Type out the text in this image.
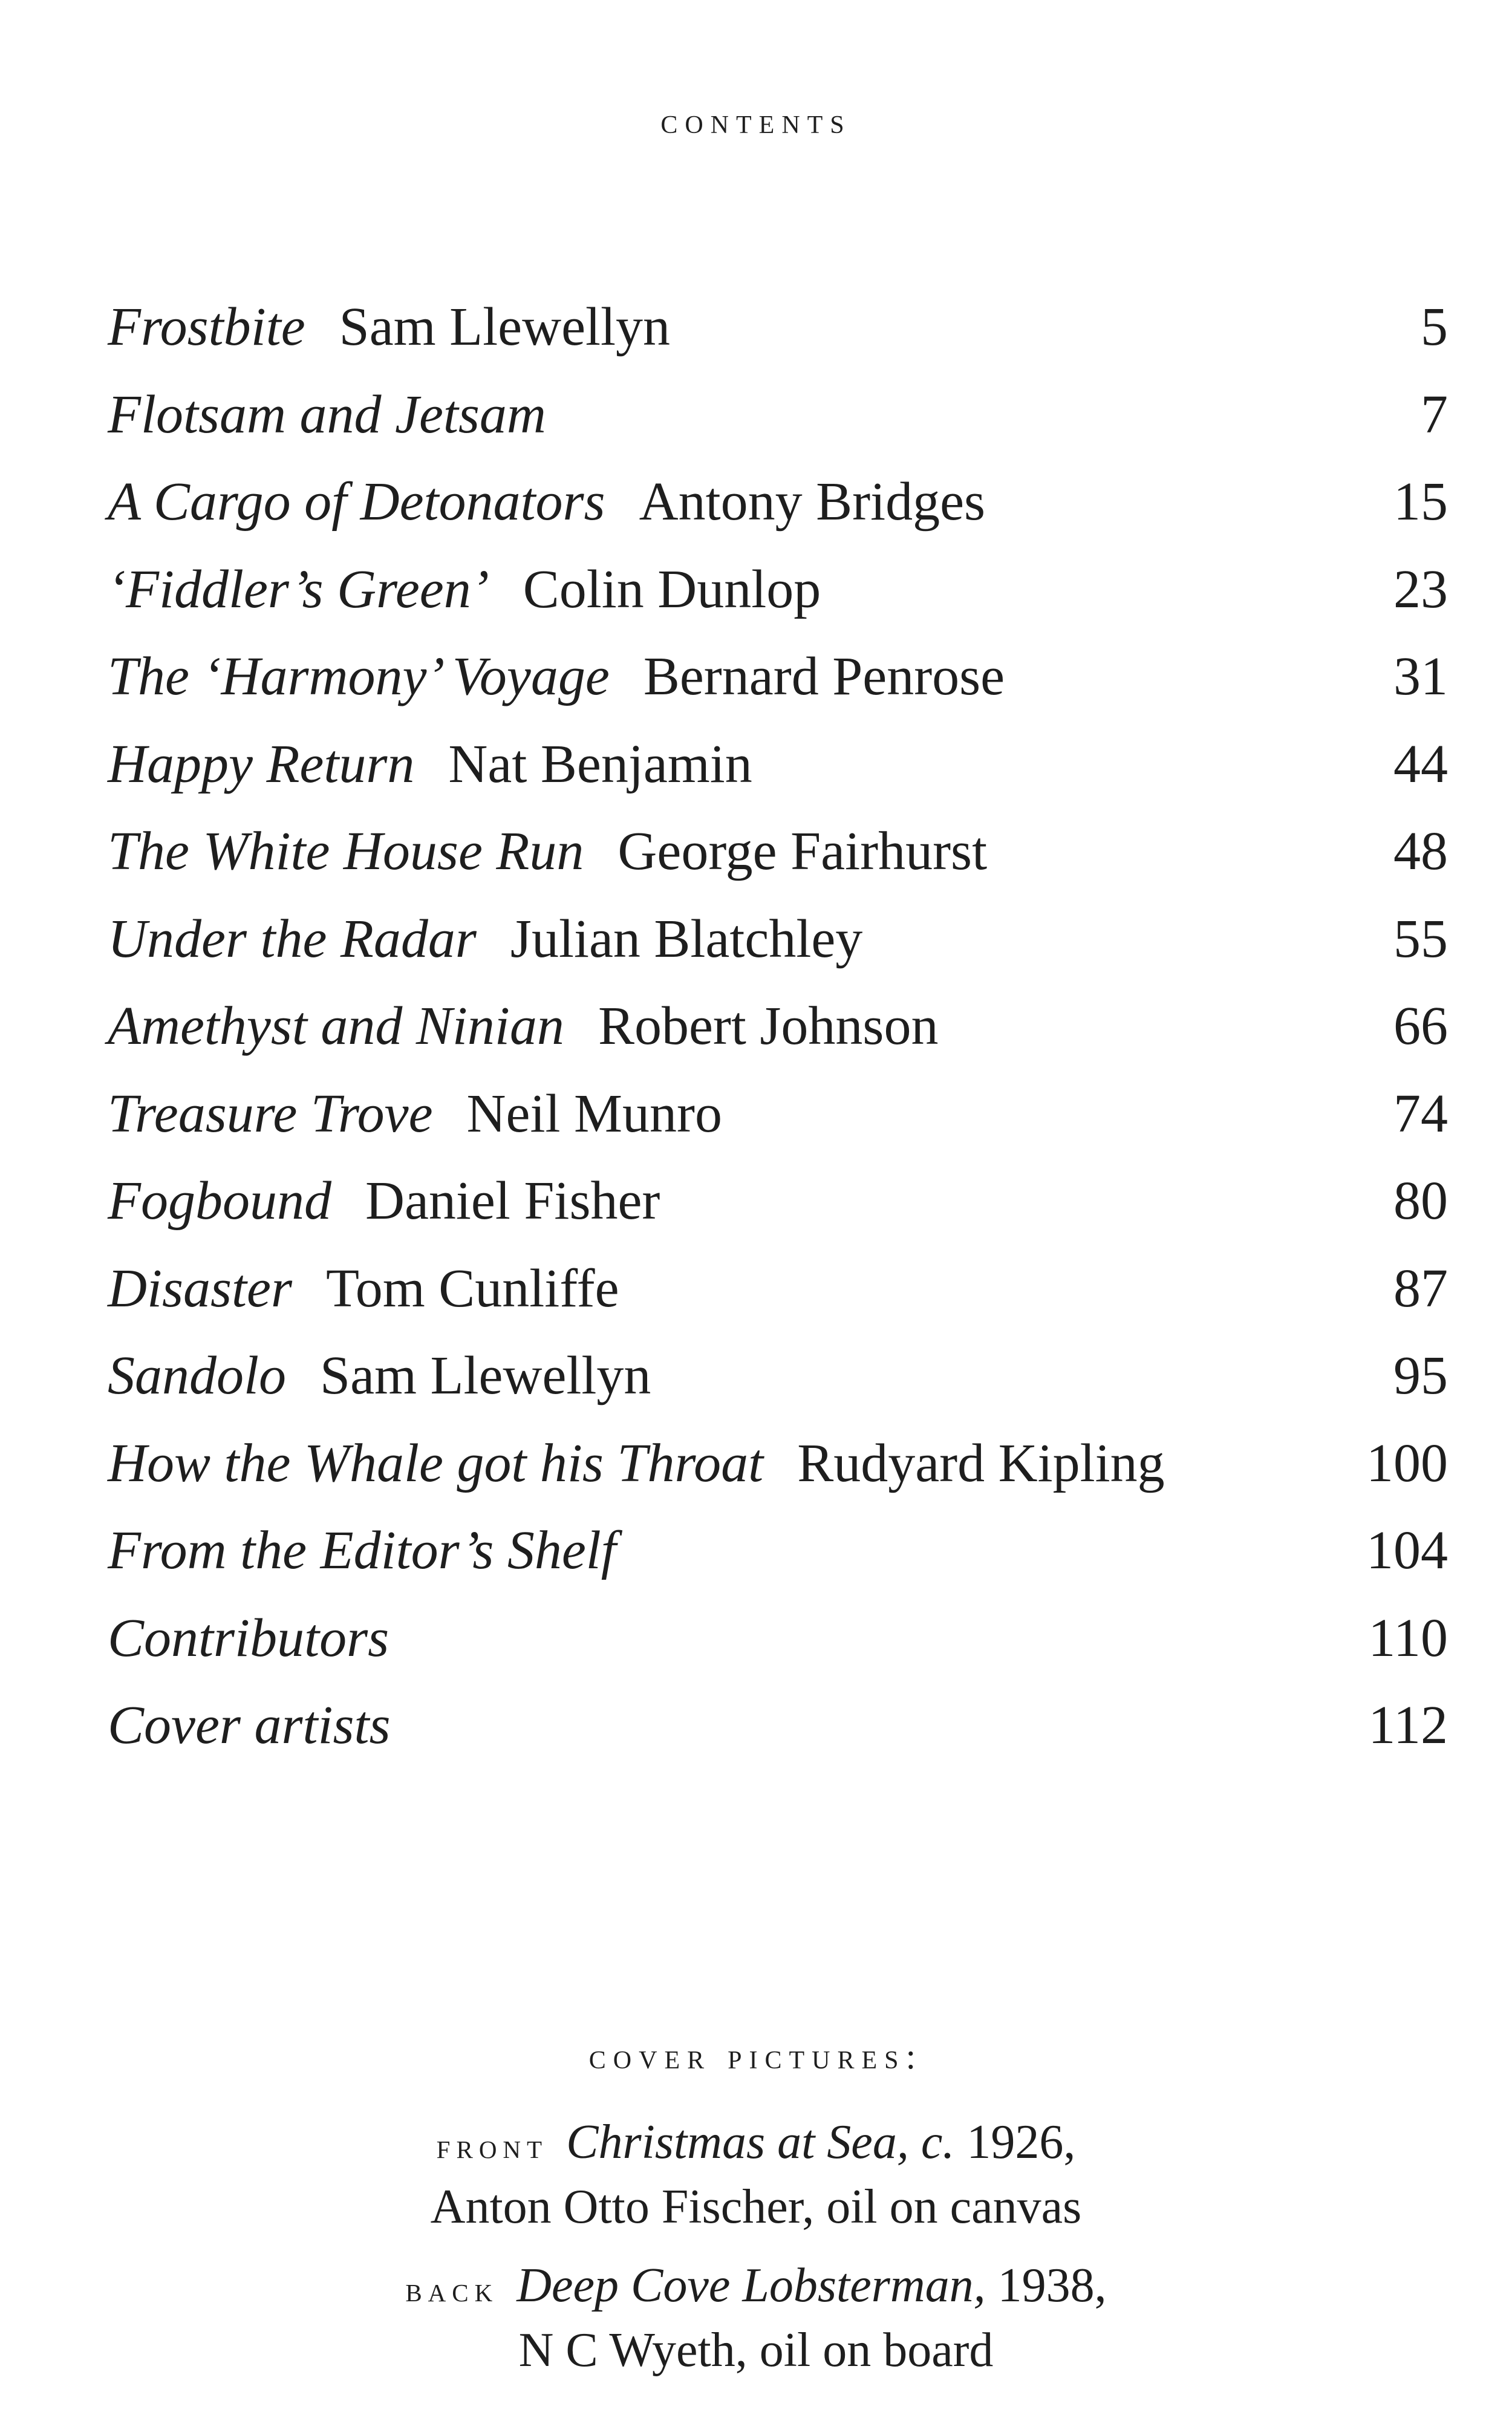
contents
Frostbite Sam Llewellyn	5
Flotsam and Jetsam	7
A Cargo of Detonators Antony Bridges	15
‘Fiddler’s Green’ Colin Dunlop	23
The ‘Harmony’ Voyage Bernard Penrose	31
Happy Return Nat Benjamin	44
The White House Run George Fairhurst	48
Under the Radar Julian Blatchley	55
Amethyst and Ninian Robert Johnson	66
Treasure Trove Neil Munro	74
Fogbound Daniel Fisher	80
Disaster Tom Cunliffe	87
Sandolo Sam Llewellyn	95
How the Whale got his Throat Rudyard Kipling	100
From the Editor’s Shelf	104
Contributors	110
Cover artists	112
cover pictures:
front Christmas at Sea, c. 1926,
Anton Otto Fischer, oil on canvas
back Deep Cove Lobsterman, 1938,
N C Wyeth, oil on board
